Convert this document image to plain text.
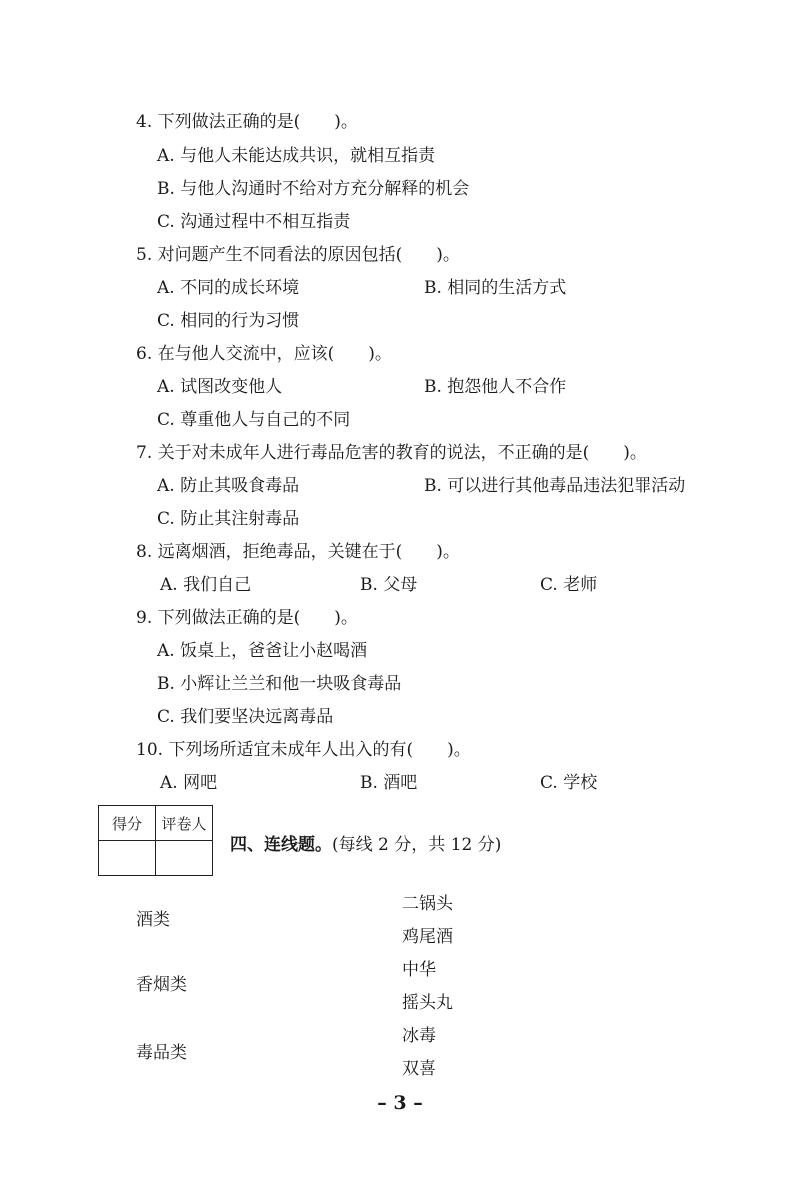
4. 下列做法正确的是(　　)。
A. 与他人未能达成共识，就相互指责
B. 与他人沟通时不给对方充分解释的机会
C. 沟通过程中不相互指责
5. 对问题产生不同看法的原因包括(　　)。
A. 不同的成长环境	B. 相同的生活方式
C. 相同的行为习惯
6. 在与他人交流中，应该(　　)。
A. 试图改变他人	B. 抱怨他人不合作
C. 尊重他人与自己的不同
7. 关于对未成年人进行毒品危害的教育的说法，不正确的是(　　)。
A. 防止其吸食毒品	B. 可以进行其他毒品违法犯罪活动
C. 防止其注射毒品
8. 远离烟酒，拒绝毒品，关键在于(　　)。
A. 我们自己	B. 父母	C. 老师
9. 下列做法正确的是(　　)。
A. 饭桌上，爸爸让小赵喝酒
B. 小辉让兰兰和他一块吸食毒品
C. 我们要坚决远离毒品
10. 下列场所适宜未成年人出入的有(　　)。
A. 网吧	B. 酒吧	C. 学校
得分	评卷人

四、连线题。(每线 2 分，共 12 分)
酒类
香烟类
毒品类
二锅头
鸡尾酒
中华
摇头丸
冰毒
双喜
– 3 –
